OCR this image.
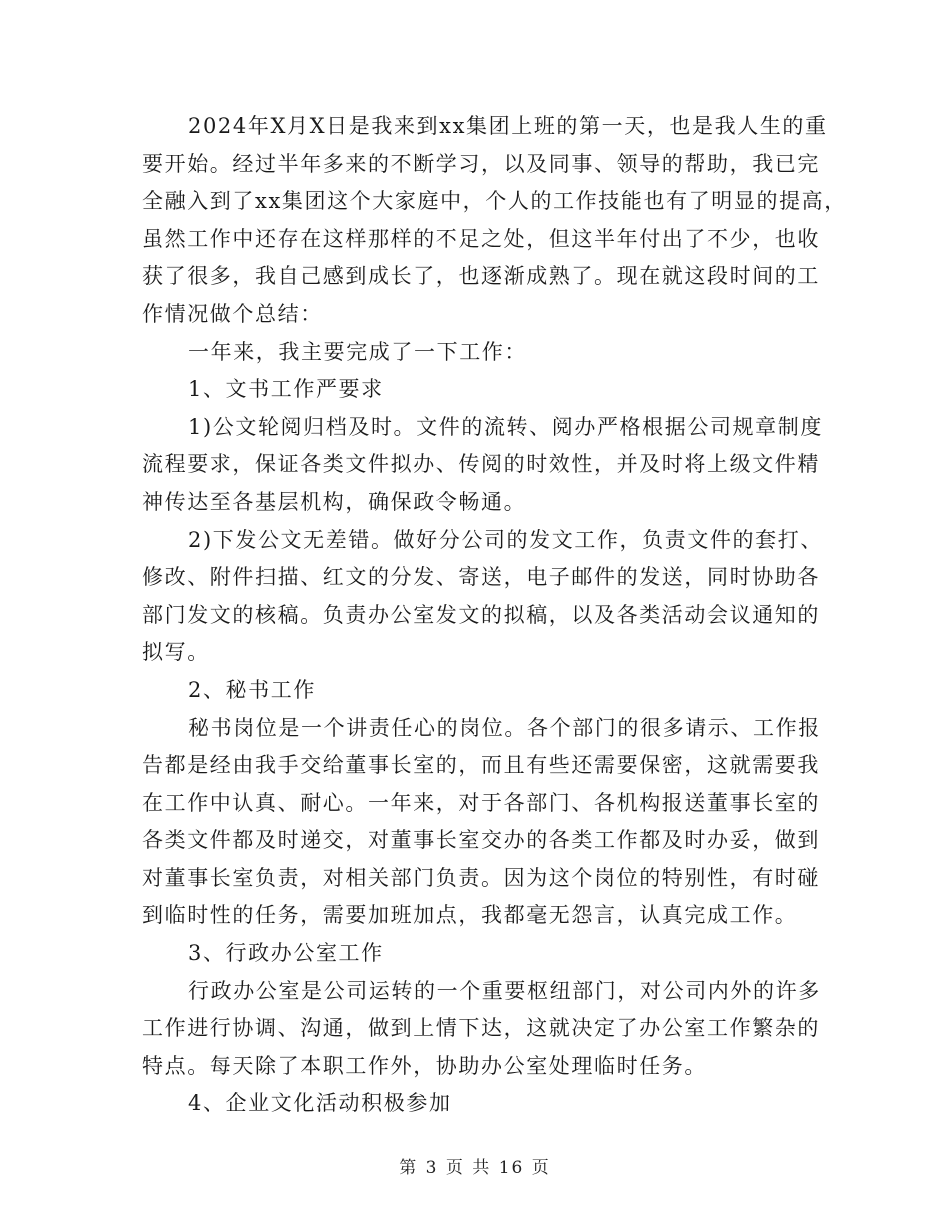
2024年X月X日是我来到xx集团上班的第一天，也是我人生的重
要开始。经过半年多来的不断学习，以及同事、领导的帮助，我已完
全融入到了xx集团这个大家庭中，个人的工作技能也有了明显的提高，
虽然工作中还存在这样那样的不足之处，但这半年付出了不少，也收
获了很多，我自己感到成长了，也逐渐成熟了。现在就这段时间的工
作情况做个总结：
一年来，我主要完成了一下工作：
1、文书工作严要求
1)公文轮阅归档及时。文件的流转、阅办严格根据公司规章制度
流程要求，保证各类文件拟办、传阅的时效性，并及时将上级文件精
神传达至各基层机构，确保政令畅通。
2)下发公文无差错。做好分公司的发文工作，负责文件的套打、
修改、附件扫描、红文的分发、寄送，电子邮件的发送，同时协助各
部门发文的核稿。负责办公室发文的拟稿，以及各类活动会议通知的
拟写。
2、秘书工作
秘书岗位是一个讲责任心的岗位。各个部门的很多请示、工作报
告都是经由我手交给董事长室的，而且有些还需要保密，这就需要我
在工作中认真、耐心。一年来，对于各部门、各机构报送董事长室的
各类文件都及时递交，对董事长室交办的各类工作都及时办妥，做到
对董事长室负责，对相关部门负责。因为这个岗位的特别性，有时碰
到临时性的任务，需要加班加点，我都毫无怨言，认真完成工作。
3、行政办公室工作
行政办公室是公司运转的一个重要枢纽部门，对公司内外的许多
工作进行协调、沟通，做到上情下达，这就决定了办公室工作繁杂的
特点。每天除了本职工作外，协助办公室处理临时任务。
4、企业文化活动积极参加
第 3 页 共 16 页
